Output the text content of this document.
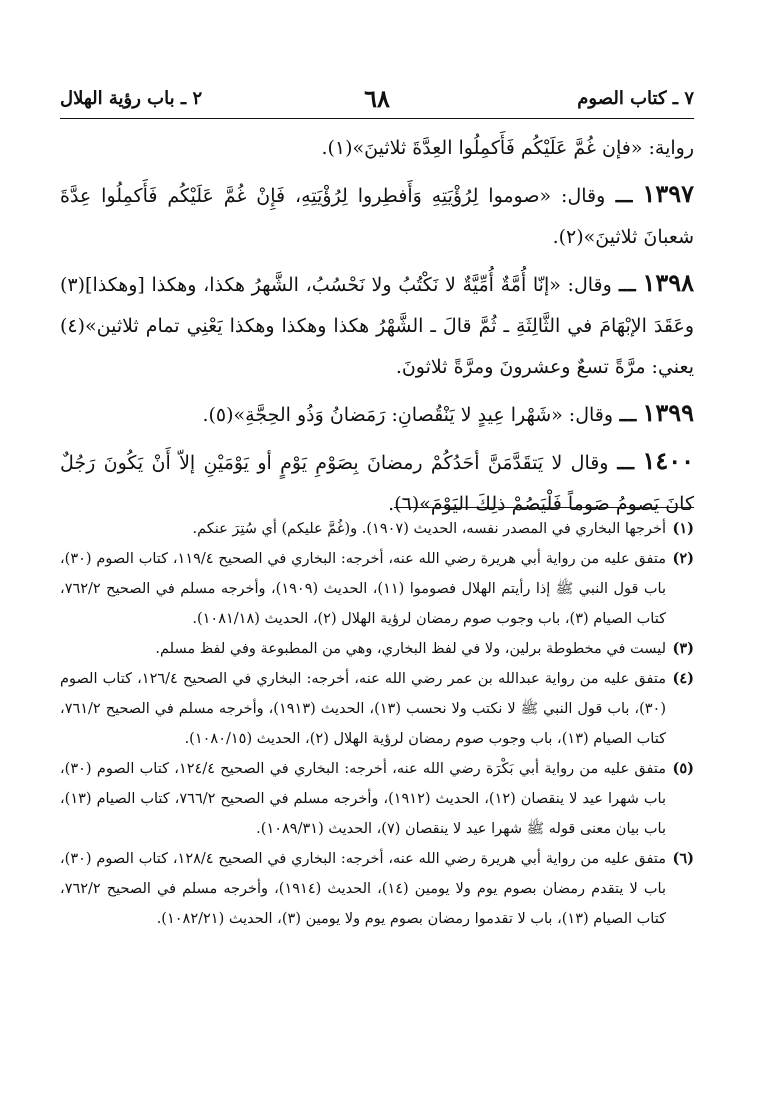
٧ ـ كتاب الصوم
٦٨
٢ ـ باب رؤية الهلال

رواية: «فإن غُمَّ عَلَيْكُم فَأَكمِلُوا العِدَّةَ ثلاثينَ»(١).

١٣٩٧ ـــ وقال: «صوموا لِرُؤْيَتِهِ وَأَفطِروا لِرُؤْيَتِهِ، فَإِنْ غُمَّ عَلَيْكُم فَأَكمِلُوا عِدَّةَ شعبانَ ثلاثينَ»(٢).

١٣٩٨ ـــ وقال: «إنّا أُمَّةٌ أُمِّيَّةٌ لا نَكْتُبُ ولا نَحْسُبُ، الشَّهرُ هكذا، وهكذا [وهكذا](٣) وعَقَدَ الإبْهَامَ في الثَّالِثَةِ ـ ثُمَّ قالَ ـ الشَّهْرُ هكذا وهكذا وهكذا يَعْنِي تمام ثلاثين»(٤) يعني: مرَّةً تسعٌ وعشرونَ ومرَّةً ثلاثونَ.

١٣٩٩ ـــ وقال: «شَهْرا عِيدٍ لا يَنْقُصانِ: رَمَضانُ وَذُو الحِجَّةِ»(٥).

١٤٠٠ ـــ وقال لا يَتقَدَّمَنَّ أحَدُكُمْ رمضانَ بِصَوْمِ يَوْمٍ أو يَوْمَيْنِ إلاّ أَنْ يَكُونَ رَجُلٌ كانَ يَصومُ صَوماً فَلْيَصُمْ ذلِكَ اليَوْمَ»(٦).

(١)
أخرجها البخاري في المصدر نفسه، الحديث (١٩٠٧). و(غُمَّ عليكم) أي سُتِرَ عنكم.
(٢)
متفق عليه من رواية أبي هريرة رضي الله عنه، أخرجه: البخاري في الصحيح ١١٩/٤، كتاب الصوم (٣٠)، باب قول النبي ﷺ إذا رأيتم الهلال فصوموا (١١)، الحديث (١٩٠٩)، وأخرجه مسلم في الصحيح ٧٦٢/٢، كتاب الصيام (٣)، باب وجوب صوم رمضان لرؤية الهلال (٢)، الحديث (١٠٨١/١٨).
(٣)
ليست في مخطوطة برلين، ولا في لفظ البخاري، وهي من المطبوعة وفي لفظ مسلم.
(٤)
متفق عليه من رواية عبدالله بن عمر رضي الله عنه، أخرجه: البخاري في الصحيح ١٢٦/٤، كتاب الصوم (٣٠)، باب قول النبي ﷺ لا نكتب ولا نحسب (١٣)، الحديث (١٩١٣)، وأخرجه مسلم في الصحيح ٧٦١/٢، كتاب الصيام (١٣)، باب وجوب صوم رمضان لرؤية الهلال (٢)، الحديث (١٠٨٠/١٥).
(٥)
متفق عليه من رواية أبي بَكْرَة رضي الله عنه، أخرجه: البخاري في الصحيح ١٢٤/٤، كتاب الصوم (٣٠)، باب شهرا عيد لا ينقصان (١٢)، الحديث (١٩١٢)، وأخرجه مسلم في الصحيح ٧٦٦/٢، كتاب الصيام (١٣)، باب بيان معنى قوله ﷺ شهرا عيد لا ينقصان (٧)، الحديث (١٠٨٩/٣١).
(٦)
متفق عليه من رواية أبي هريرة رضي الله عنه، أخرجه: البخاري في الصحيح ١٢٨/٤، كتاب الصوم (٣٠)، باب لا يتقدم رمضان بصوم يوم ولا يومين (١٤)، الحديث (١٩١٤)، وأخرجه مسلم في الصحيح ٧٦٢/٢، كتاب الصيام (١٣)، باب لا تقدموا رمضان بصوم يوم ولا يومين (٣)، الحديث (١٠٨٢/٢١).
